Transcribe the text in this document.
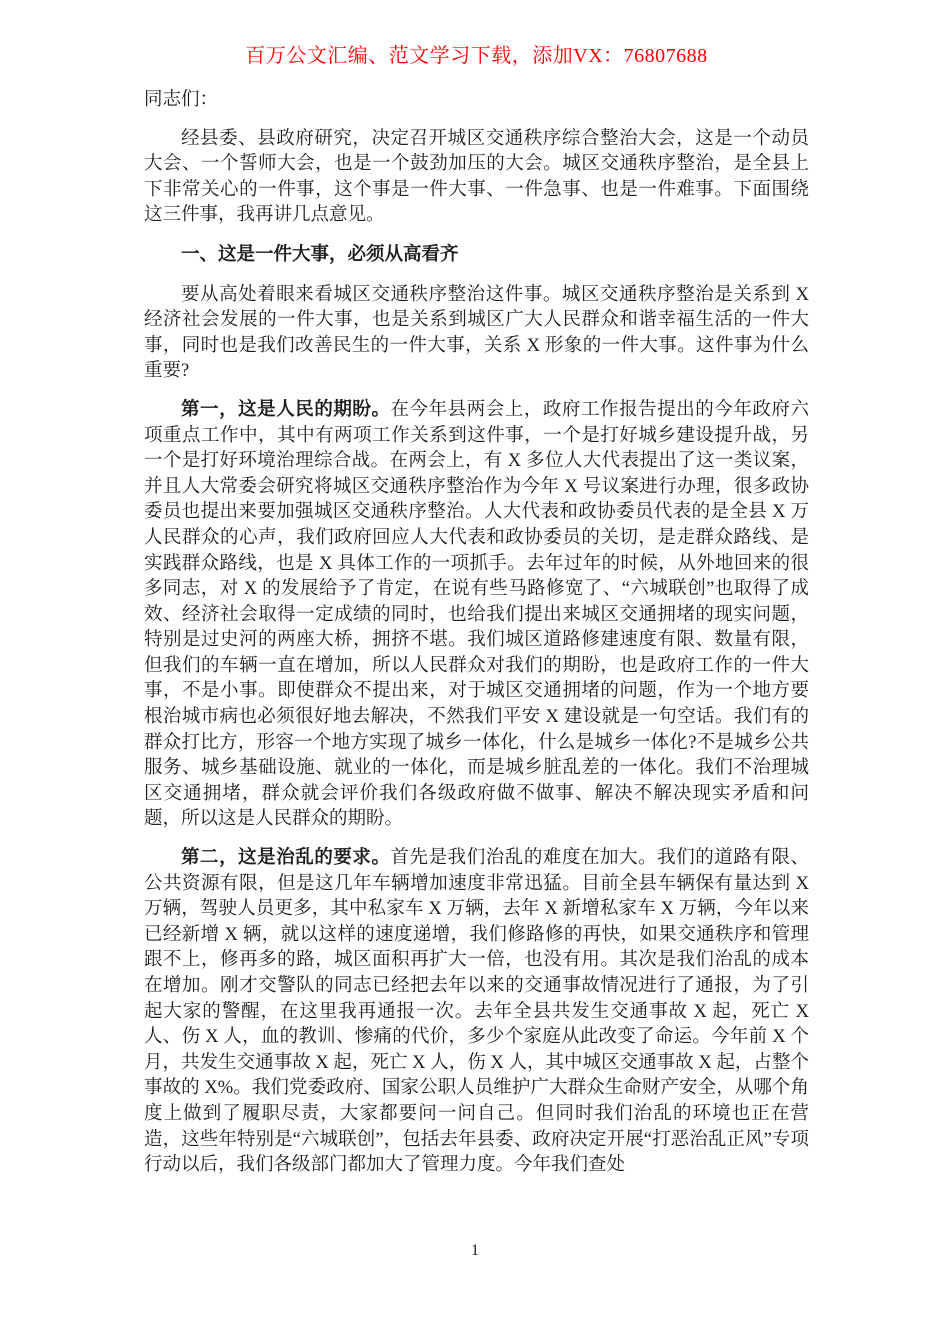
百万公文汇编、范文学习下载，添加VX：76807688

同志们：

经县委、县政府研究，决定召开城区交通秩序综合整治大会，这是一个动员大会、一个誓师大会，也是一个鼓劲加压的大会。城区交通秩序整治，是全县上下非常关心的一件事，这个事是一件大事、一件急事、也是一件难事。下面围绕这三件事，我再讲几点意见。

一、这是一件大事，必须从高看齐

要从高处着眼来看城区交通秩序整治这件事。城区交通秩序整治是关系到 X 经济社会发展的一件大事，也是关系到城区广大人民群众和谐幸福生活的一件大事，同时也是我们改善民生的一件大事，关系 X 形象的一件大事。这件事为什么重要?

第一，这是人民的期盼。在今年县两会上，政府工作报告提出的今年政府六项重点工作中，其中有两项工作关系到这件事，一个是打好城乡建设提升战，另一个是打好环境治理综合战。在两会上，有 X 多位人大代表提出了这一类议案，并且人大常委会研究将城区交通秩序整治作为今年 X 号议案进行办理，很多政协委员也提出来要加强城区交通秩序整治。人大代表和政协委员代表的是全县 X 万人民群众的心声，我们政府回应人大代表和政协委员的关切，是走群众路线、是实践群众路线，也是 X 具体工作的一项抓手。去年过年的时候，从外地回来的很多同志，对 X 的发展给予了肯定，在说有些马路修宽了、“六城联创”也取得了成效、经济社会取得一定成绩的同时，也给我们提出来城区交通拥堵的现实问题，特别是过史河的两座大桥，拥挤不堪。我们城区道路修建速度有限、数量有限，但我们的车辆一直在增加，所以人民群众对我们的期盼，也是政府工作的一件大事，不是小事。即使群众不提出来，对于城区交通拥堵的问题，作为一个地方要根治城市病也必须很好地去解决，不然我们平安 X 建设就是一句空话。我们有的群众打比方，形容一个地方实现了城乡一体化，什么是城乡一体化?不是城乡公共服务、城乡基础设施、就业的一体化，而是城乡脏乱差的一体化。我们不治理城区交通拥堵，群众就会评价我们各级政府做不做事、解决不解决现实矛盾和问题，所以这是人民群众的期盼。

第二，这是治乱的要求。首先是我们治乱的难度在加大。我们的道路有限、公共资源有限，但是这几年车辆增加速度非常迅猛。目前全县车辆保有量达到 X 万辆，驾驶人员更多，其中私家车 X 万辆，去年 X 新增私家车 X 万辆，今年以来已经新增 X 辆，就以这样的速度递增，我们修路修的再快，如果交通秩序和管理跟不上，修再多的路，城区面积再扩大一倍，也没有用。其次是我们治乱的成本在增加。刚才交警队的同志已经把去年以来的交通事故情况进行了通报，为了引起大家的警醒，在这里我再通报一次。去年全县共发生交通事故 X 起，死亡 X 人、伤 X 人，血的教训、惨痛的代价，多少个家庭从此改变了命运。今年前 X 个月，共发生交通事故 X 起，死亡 X 人，伤 X 人，其中城区交通事故 X 起，占整个事故的 X%。我们党委政府、国家公职人员维护广大群众生命财产安全，从哪个角度上做到了履职尽责，大家都要问一问自己。但同时我们治乱的环境也正在营造，这些年特别是“六城联创”，包括去年县委、政府决定开展“打恶治乱正风”专项行动以后，我们各级部门都加大了管理力度。今年我们查处

1
